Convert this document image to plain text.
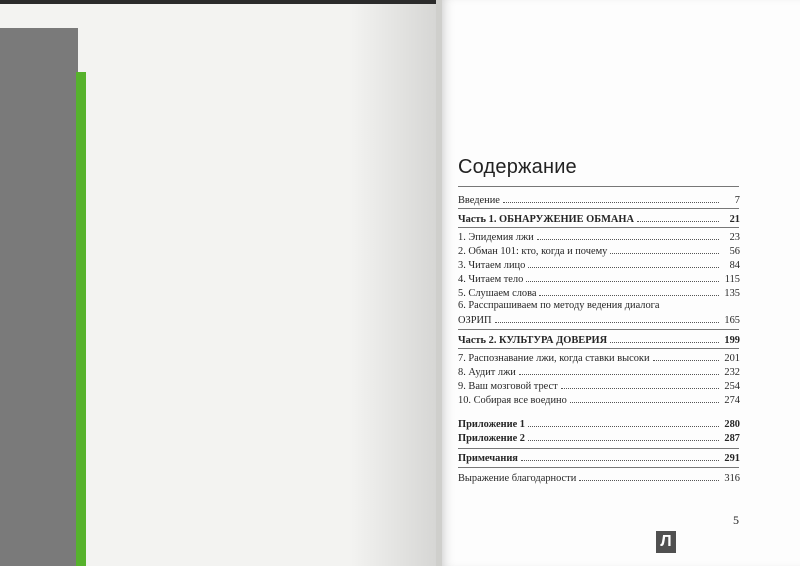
Содержание
Введение	7
Часть 1. ОБНАРУЖЕНИЕ ОБМАНА	21
1. Эпидемия лжи	23
2. Обман 101: кто, когда и почему	56
3. Читаем лицо	84
4. Читаем тело	115
5. Слушаем слова	135
6. Расспрашиваем по методу ведения диалога
ОЗРИП	165
Часть 2. КУЛЬТУРА ДОВЕРИЯ	199
7. Распознавание лжи, когда ставки высоки	201
8. Аудит лжи	232
9. Ваш мозговой трест	254
10. Собирая все воедино	274
Приложение 1	280
Приложение 2	287
Примечания	291
Выражение благодарности	316
5
Л
